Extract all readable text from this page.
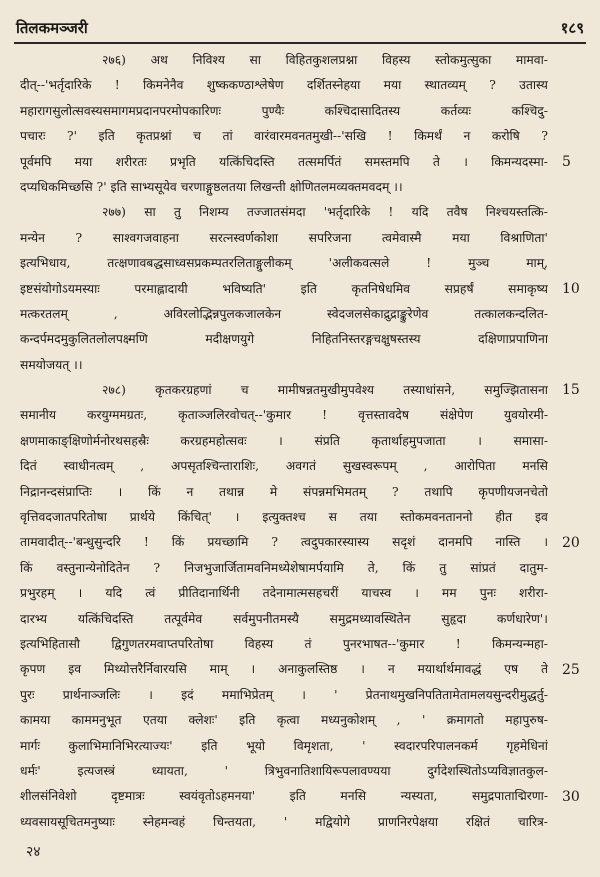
तिलकमञ्जरी	१८९
२७६) अथ निविश्य सा विहितकुशलप्रश्ना विहस्य स्तोकमुत्सुका मामवा-
दीत्--'भर्तृदारिके ! किमनेनैव शुष्ककण्ठाश्लेषेण दर्शितस्नेहया मया स्थातव्यम् ? उतास्य
महारागसुलोत्सवस्यसमागमप्रदानपरमोपकारिणः	पुण्यैः	कश्चिदासादितस्य	कर्तव्यः	कश्चिदु-
पचारः ?' इति कृतप्रश्नां च तां वारंवारमवनतमुखी--'सखि ! किमर्थं न करोषि ?
पूर्वमपि मया शरीरतः प्रभृति यत्किंचिदस्ति तत्समर्पितं समस्तमपि ते । किमन्यदस्मा-
दप्यधिकमिच्छसि ?' इति साभ्यसूयेव चरणाङ्गुष्ठलतया लिखन्ती क्षोणितलमव्यक्तमवदम् ।।
२७७) सा तु निशम्य तज्जातसंमदा 'भर्तृदारिके ! यदि तवैष निश्चयस्तत्कि-
मन्येन ? साश्वगजवाहना सरत्नस्वर्णकोशा सपरिजना त्वमेवास्मै मया विश्राणिता'
इत्यभिधाय,	तत्क्षणावबद्धसाध्वसप्रकम्पतरलिताङ्गुलीकम्	'अलीकवत्सले	!	मुञ्च	माम्,
इष्टसंयोगोऽयमस्याः	परमाह्लादायी	भविष्यति'	इति	कृतनिषेधमिव	सप्रहर्षं	समाकृष्य
मत्करतलम्	,	अविरलोद्भिन्नपुलकजालकेन	स्वेदजलसेकाद्रुद्राङ्कुरेणेव	तत्कालकन्दलित-
कन्दर्पमदमुकुलितलोलपक्ष्मणि	मदीक्षणयुगे	निहितनिस्तरङ्गचक्षुषस्तस्य	दक्षिणाप्रपाणिना
समयोजयत् ।।
२७८) कृतकरग्रहणां च मामीषन्नतमुखीमुपवेश्य तस्याधांसने, समुज्झितासना
समानीय	करयुग्ममग्रतः,	कृताञ्जलिरवोचत्--'कुमार	!	वृत्तस्तावदेष	संक्षेपेण	युवयोरमी-
क्षणमाकाङ्क्षिणोर्मनोरथसहस्रैः	करग्रहमहोत्सवः	।	संप्रति	कृतार्थाहमुपजाता	।	समासा-
दितं स्वाधीनत्वम् , अपसृतश्चिन्ताराशिः, अवगतं सुखस्वरूपम् , आरोपिता मनसि
निद्रानन्दसंप्राप्तिः । किं न तथान्न मे संपन्नमभिमतम् ? तथापि कृपणीयजनचेतो
वृत्तिवदजातपरितोषा प्रार्थये किंचित्' । इत्युक्तश्च स तया स्तोकमवनताननो हीत इव
तामवादीत्--'बन्धुसुन्दरि ! किं प्रयच्छामि ? त्वदुपकारस्यास्य सदृशं दानमपि नास्ति ।
किं वस्तुनान्येनोदितेन ? निजभुजार्जितामवनिमध्येशेषामर्पयामि ते, किं तु सांप्रतं दातुम-
प्रभुरहम् । यदि त्वं प्रीतिदानार्थिनी तदेनामात्मसहचरीं याचस्व । मम पुनः शरीरा-
दारभ्य	यत्किंचिदस्ति	तत्पूर्वमेव	सर्वमुपनीतमस्यै	समुद्रमध्यावस्थितेन	सुहृदा	कर्णधारेण'।
इत्यभिहितासौ	द्विगुणतरमवाप्तपरितोषा	विहस्य	तं	पुनरभाषत--'कुमार	!	किमन्यन्महा-
कृपण इव मिथ्योत्तरैर्निवारयसि माम् । अनाकुलस्तिष्ठ । न मयार्थार्थमावद्धं एष ते
पुरः प्रार्थनाञ्जलिः । इदं ममाभिप्रेतम् । ' प्रेतनाथमुखनिपतितामेतामलयसुन्दरीमुद्धर्तु-
कामया काममनुभूत एतया क्लेशः' इति कृत्वा मध्यनुकोशम् , ' क्रमागतो महापुरुष-
मार्गः कुलाभिमानिभिरत्याज्यः' इति भूयो विमृशता, ' स्वदारपरिपालनकर्म गृहमेधिनां
धर्मः'	इत्यजस्त्रं	ध्यायता,	'	त्रिभुवनातिशायिरूपलावण्यया	दुर्गदेशस्थितोऽप्यविज्ञातकुल-
शीलसंनिवेशो	दृष्टमात्रः	स्वयंवृतोऽहमनया'	इति	मनसि	न्यस्यता,	समुद्रपाताद्मिरणा-
ध्यवसायसूचितमनुष्याः स्नेहमन्वहं चिन्तयता, ' मद्वियोगे प्राणनिरपेक्षया रक्षितं चारित्र-
5
10
15
20
25
30
२४
